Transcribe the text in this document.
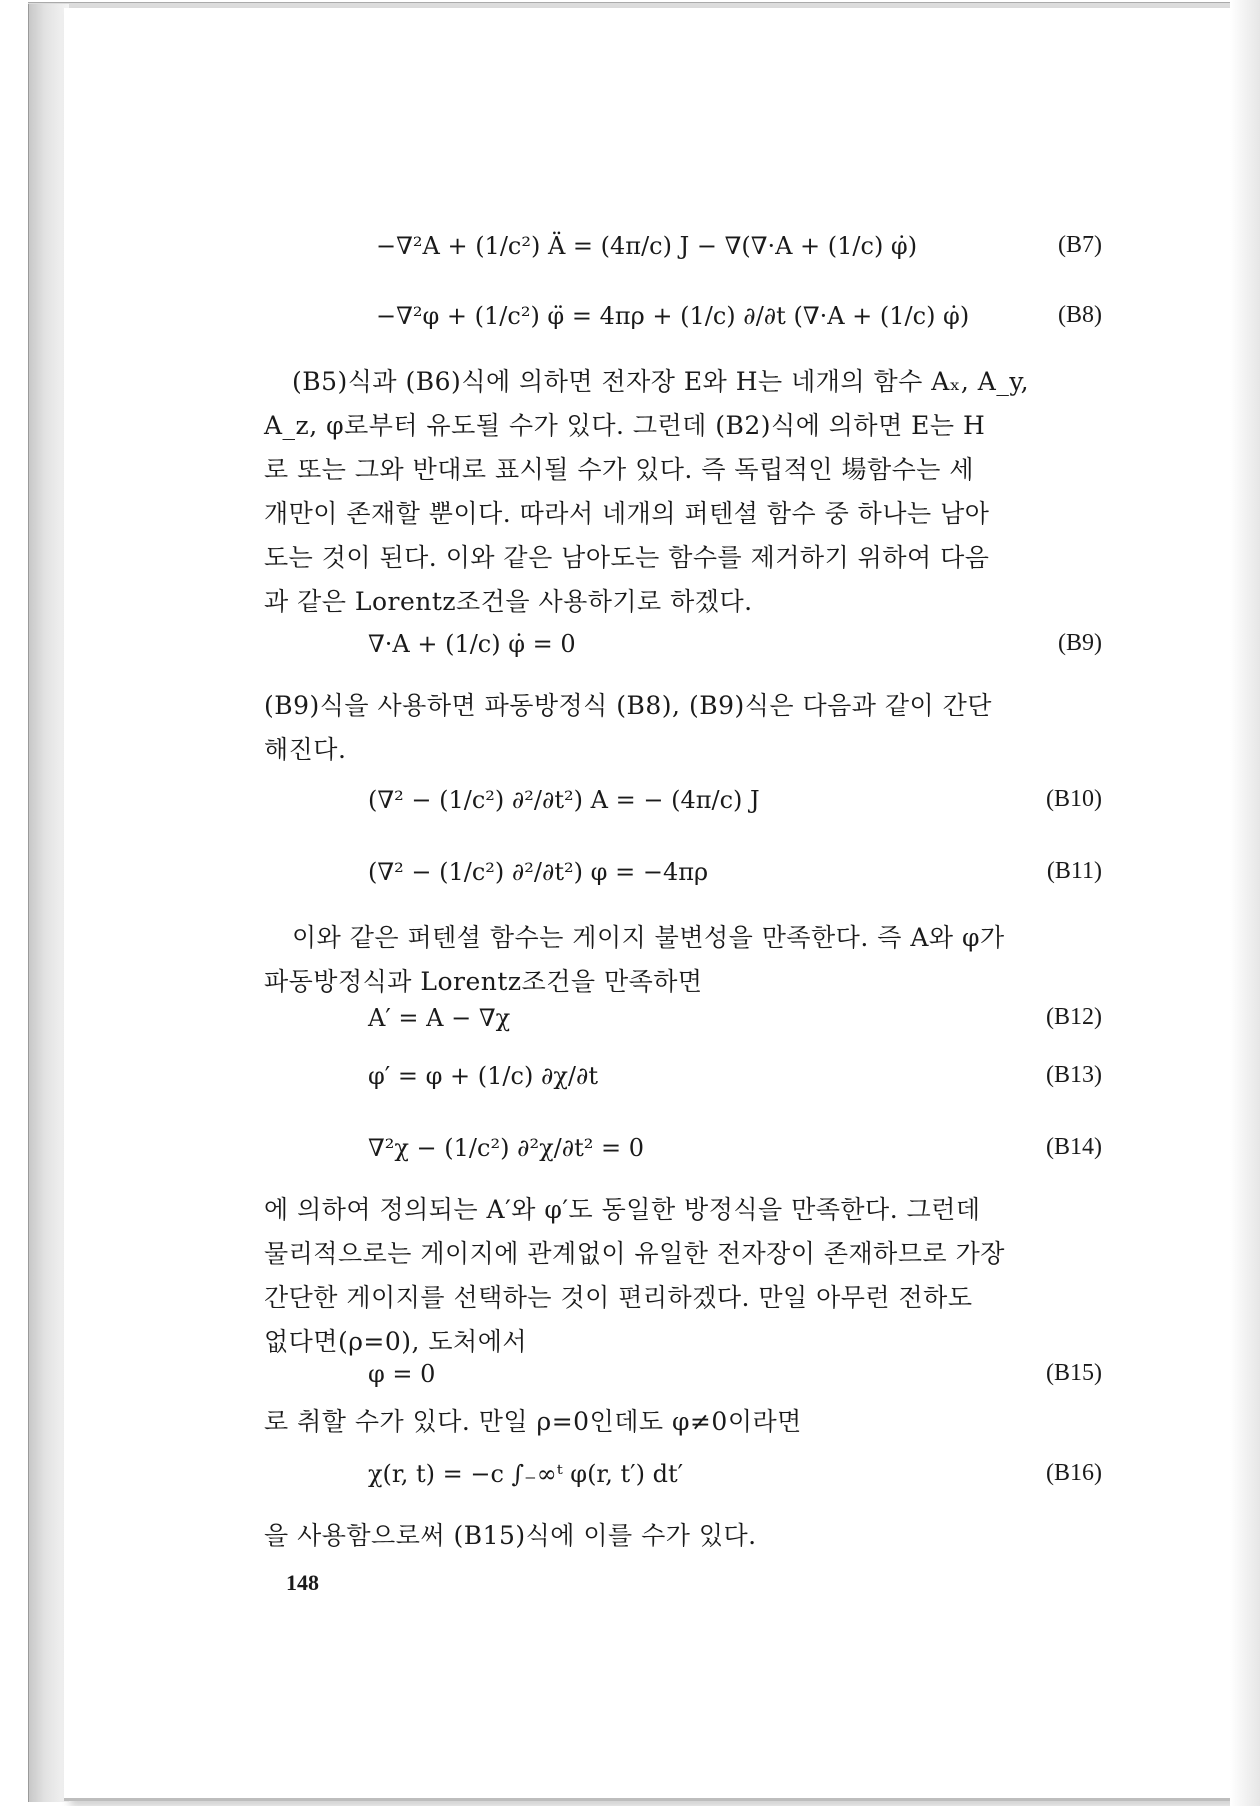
−∇²A + (1/c²) Ä = (4π/c) J − ∇(∇·A + (1/c) φ̇)	(B7)
−∇²φ + (1/c²) φ̈ = 4πρ + (1/c) ∂/∂t (∇·A + (1/c) φ̇)	(B8)
(B5)식과 (B6)식에 의하면 전자장 E와 H는 네개의 함수 Aₓ, A_y,
A_z, φ로부터 유도될 수가 있다. 그런데 (B2)식에 의하면 E는 H
로 또는 그와 반대로 표시될 수가 있다. 즉 독립적인 場함수는 세
개만이 존재할 뿐이다. 따라서 네개의 퍼텐셜 함수 중 하나는 남아
도는 것이 된다. 이와 같은 남아도는 함수를 제거하기 위하여 다음
과 같은 Lorentz조건을 사용하기로 하겠다.
∇·A + (1/c) φ̇ = 0	(B9)
(B9)식을 사용하면 파동방정식 (B8), (B9)식은 다음과 같이 간단
해진다.
(∇² − (1/c²) ∂²/∂t²) A = − (4π/c) J	(B10)
(∇² − (1/c²) ∂²/∂t²) φ = −4πρ	(B11)
이와 같은 퍼텐셜 함수는 게이지 불변성을 만족한다. 즉 A와 φ가
파동방정식과 Lorentz조건을 만족하면
A′ = A − ∇χ	(B12)
φ′ = φ + (1/c) ∂χ/∂t	(B13)
∇²χ − (1/c²) ∂²χ/∂t² = 0	(B14)
에 의하여 정의되는 A′와 φ′도 동일한 방정식을 만족한다. 그런데
물리적으로는 게이지에 관계없이 유일한 전자장이 존재하므로 가장
간단한 게이지를 선택하는 것이 편리하겠다. 만일 아무런 전하도
없다면(ρ=0), 도처에서
φ = 0	(B15)
로 취할 수가 있다. 만일 ρ=0인데도 φ≠0이라면
χ(r, t) = −c ∫₋∞ᵗ φ(r, t′) dt′	(B16)
을 사용함으로써 (B15)식에 이를 수가 있다.
148
